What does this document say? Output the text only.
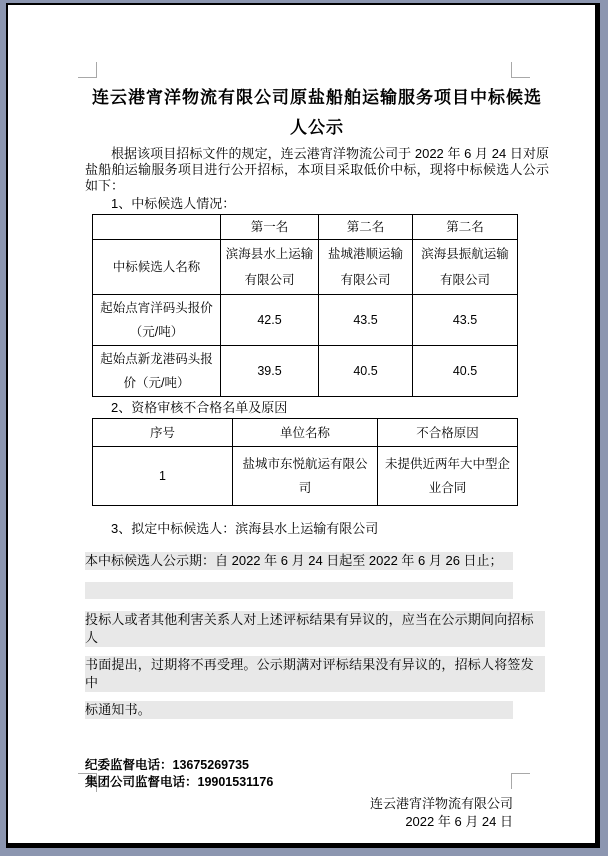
连云港宵洋物流有限公司原盐船舶运输服务项目中标候选
人公示

根据该项目招标文件的规定，连云港宵洋物流公司于 2022 年 6 月 24 日对原盐船舶运输服务项目进行公开招标，本项目采取低价中标，现将中标候选人公示如下：

1、中标候选人情况：
	第一名	第二名	第二名
中标候选人名称	滨海县水上运输有限公司	盐城港顺运输有限公司	滨海县振航运输有限公司
起始点宵洋码头报价（元/吨）	42.5	43.5	43.5
起始点新龙港码头报价（元/吨）	39.5	40.5	40.5
2、资格审核不合格名单及原因
序号	单位名称	不合格原因
1	盐城市东悦航运有限公司	未提供近两年大中型企业合同
3、拟定中标候选人：滨海县水上运输有限公司
本中标候选人公示期：自 2022 年 6 月 24 日起至 2022 年 6 月 26 日止；
投标人或者其他利害关系人对上述评标结果有异议的，应当在公示期间向招标人
书面提出，过期将不再受理。公示期满对评标结果没有异议的，招标人将签发中
标通知书。
纪委监督电话：13675269735
集团公司监督电话：19901531176
连云港宵洋物流有限公司
2022 年 6 月 24 日
